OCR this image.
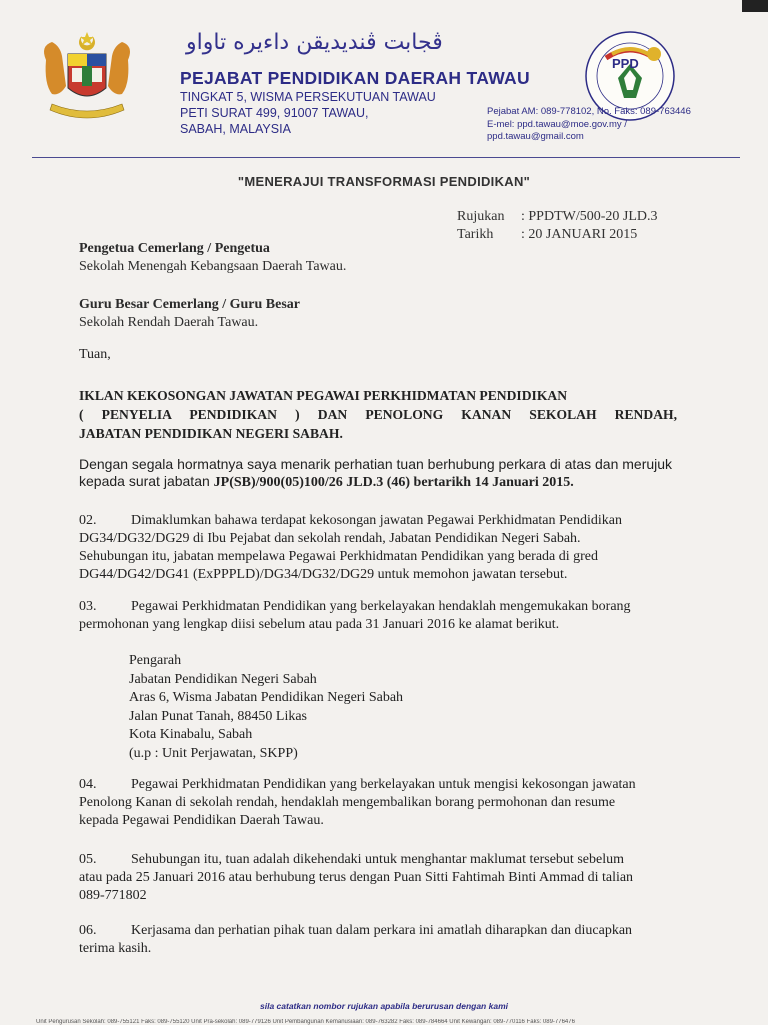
ڤجابت ڤنديديقن داءيره تاواو
PEJABAT PENDIDIKAN DAERAH TAWAU
TINGKAT 5, WISMA PERSEKUTUAN TAWAU
PETI SURAT 499, 91007 TAWAU,
SABAH, MALAYSIA
PPD
Pejabat AM: 089-778102, No. Faks: 089-763446
E-mel: ppd.tawau@moe.gov.my /
ppd.tawau@gmail.com
"MENERAJUI TRANSFORMASI PENDIDIKAN"
Rujukan	: PPDTW/500-20 JLD.3
Tarikh	: 20 JANUARI 2015
Pengetua Cemerlang / Pengetua
Sekolah Menengah Kebangsaan Daerah Tawau.
Guru Besar Cemerlang / Guru Besar
Sekolah Rendah Daerah Tawau.
Tuan,
IKLAN KEKOSONGAN JAWATAN PEGAWAI PERKHIDMATAN PENDIDIKAN
( PENYELIA PENDIDIKAN ) DAN PENOLONG KANAN SEKOLAH RENDAH,
JABATAN PENDIDIKAN NEGERI SABAH.
Dengan segala hormatnya saya menarik perhatian tuan berhubung perkara di atas dan merujuk
kepada surat jabatan JP(SB)/900(05)100/26 JLD.3 (46) bertarikh 14 Januari 2015.
02. Dimaklumkan bahawa terdapat kekosongan jawatan Pegawai Perkhidmatan Pendidikan
DG34/DG32/DG29 di Ibu Pejabat dan sekolah rendah, Jabatan Pendidikan Negeri Sabah.
Sehubungan itu, jabatan mempelawa Pegawai Perkhidmatan Pendidikan yang berada di gred
DG44/DG42/DG41 (ExPPPLD)/DG34/DG32/DG29 untuk memohon jawatan tersebut.
03. Pegawai Perkhidmatan Pendidikan yang berkelayakan hendaklah mengemukakan borang
permohonan yang lengkap diisi sebelum atau pada 31 Januari 2016 ke alamat berikut.
Pengarah
Jabatan Pendidikan Negeri Sabah
Aras 6, Wisma Jabatan Pendidikan Negeri Sabah
Jalan Punat Tanah, 88450 Likas
Kota Kinabalu, Sabah
(u.p : Unit Perjawatan, SKPP)
04. Pegawai Perkhidmatan Pendidikan yang berkelayakan untuk mengisi kekosongan jawatan
Penolong Kanan di sekolah rendah, hendaklah mengembalikan borang permohonan dan resume
kepada Pegawai Pendidikan Daerah Tawau.
05. Sehubungan itu, tuan adalah dikehendaki untuk menghantar maklumat tersebut sebelum
atau pada 25 Januari 2016 atau berhubung terus dengan Puan Sitti Fahtimah Binti Ammad di talian
089-771802
06. Kerjasama dan perhatian pihak tuan dalam perkara ini amatlah diharapkan dan diucapkan
terima kasih.
sila catatkan nombor rujukan apabila berurusan dengan kami
Unit Pengurusan Sekolah: 089-755121 Faks: 089-755120 Unit Pra-sekolah: 089-779126 Unit Pembangunan Kemanusiaan: 089-763282 Faks: 089-784664 Unit Kewangan: 089-770116 Faks: 089-776476
